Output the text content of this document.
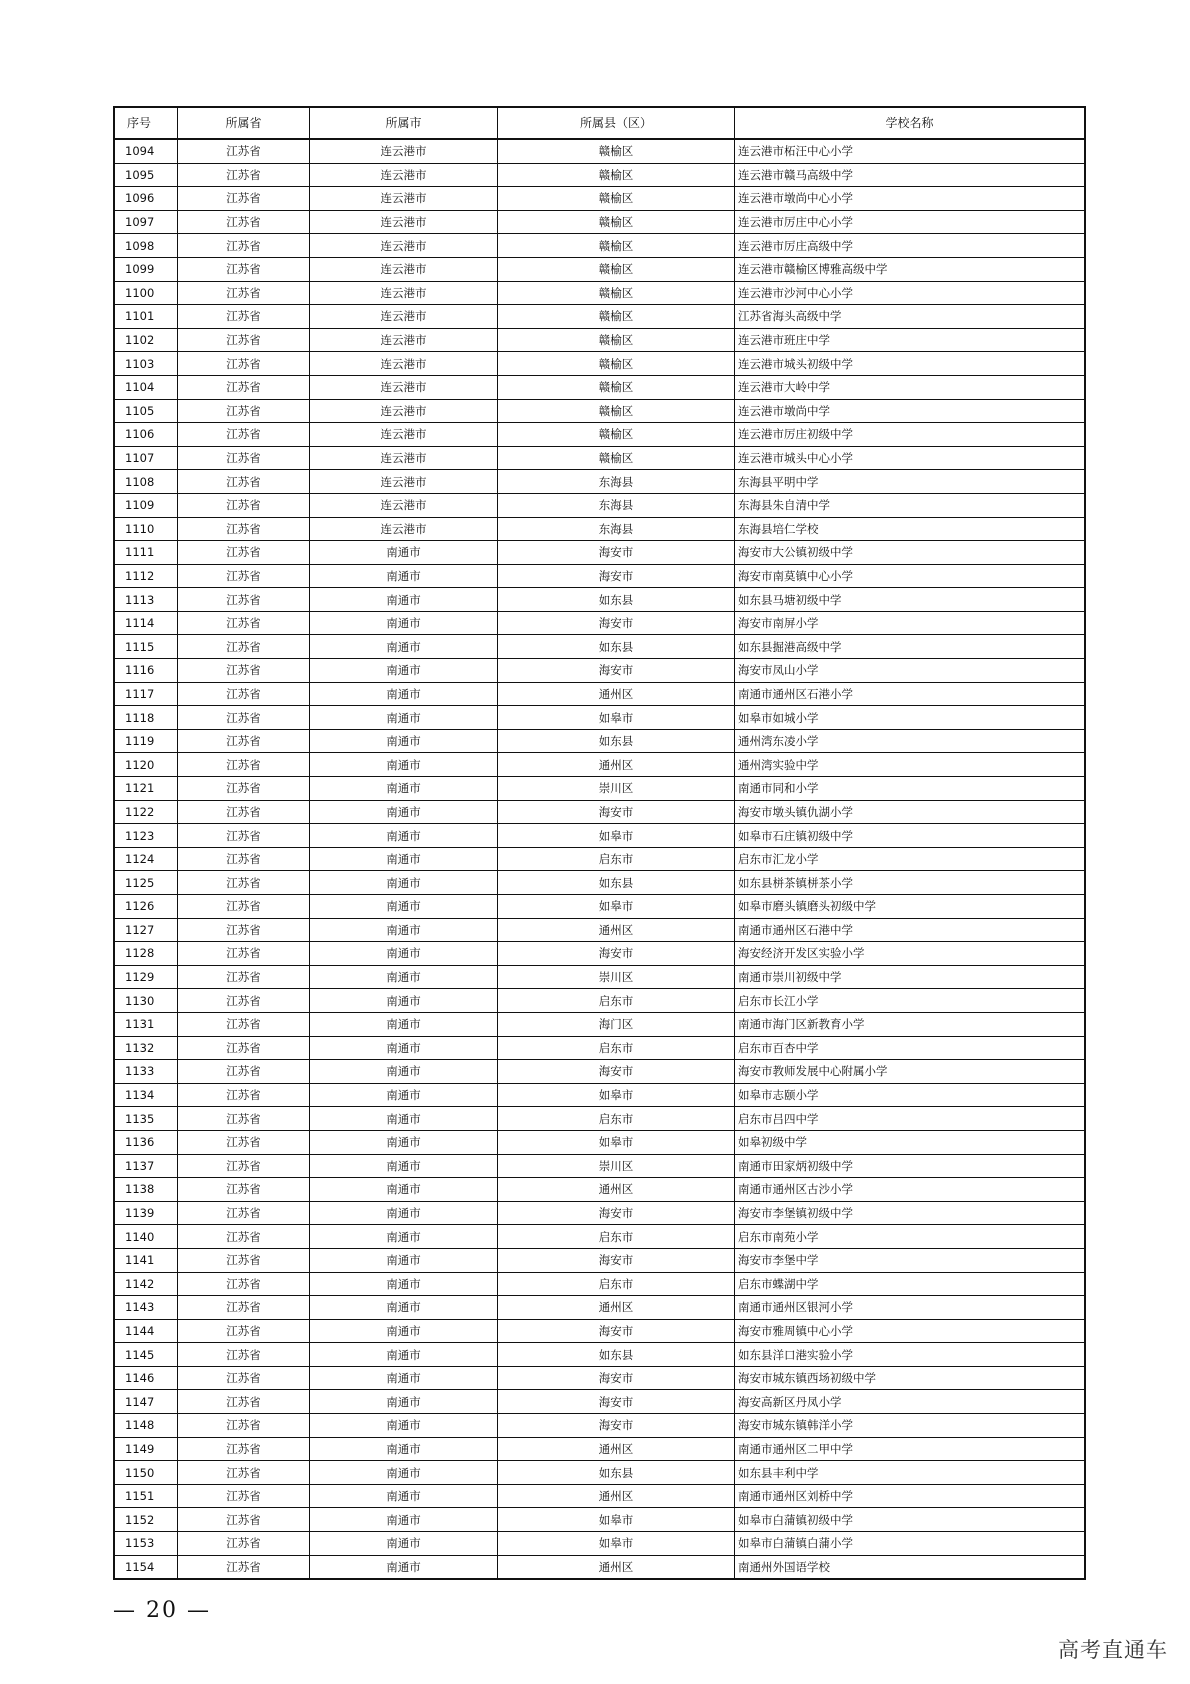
序号	所属省	所属市	所属县（区）	学校名称
1094	江苏省	连云港市	赣榆区	连云港市柘汪中心小学
1095	江苏省	连云港市	赣榆区	连云港市赣马高级中学
1096	江苏省	连云港市	赣榆区	连云港市墩尚中心小学
1097	江苏省	连云港市	赣榆区	连云港市厉庄中心小学
1098	江苏省	连云港市	赣榆区	连云港市厉庄高级中学
1099	江苏省	连云港市	赣榆区	连云港市赣榆区博雅高级中学
1100	江苏省	连云港市	赣榆区	连云港市沙河中心小学
1101	江苏省	连云港市	赣榆区	江苏省海头高级中学
1102	江苏省	连云港市	赣榆区	连云港市班庄中学
1103	江苏省	连云港市	赣榆区	连云港市城头初级中学
1104	江苏省	连云港市	赣榆区	连云港市大岭中学
1105	江苏省	连云港市	赣榆区	连云港市墩尚中学
1106	江苏省	连云港市	赣榆区	连云港市厉庄初级中学
1107	江苏省	连云港市	赣榆区	连云港市城头中心小学
1108	江苏省	连云港市	东海县	东海县平明中学
1109	江苏省	连云港市	东海县	东海县朱自清中学
1110	江苏省	连云港市	东海县	东海县培仁学校
1111	江苏省	南通市	海安市	海安市大公镇初级中学
1112	江苏省	南通市	海安市	海安市南莫镇中心小学
1113	江苏省	南通市	如东县	如东县马塘初级中学
1114	江苏省	南通市	海安市	海安市南屏小学
1115	江苏省	南通市	如东县	如东县掘港高级中学
1116	江苏省	南通市	海安市	海安市凤山小学
1117	江苏省	南通市	通州区	南通市通州区石港小学
1118	江苏省	南通市	如皋市	如皋市如城小学
1119	江苏省	南通市	如东县	通州湾东凌小学
1120	江苏省	南通市	通州区	通州湾实验中学
1121	江苏省	南通市	崇川区	南通市同和小学
1122	江苏省	南通市	海安市	海安市墩头镇仇湖小学
1123	江苏省	南通市	如皋市	如皋市石庄镇初级中学
1124	江苏省	南通市	启东市	启东市汇龙小学
1125	江苏省	南通市	如东县	如东县栟茶镇栟茶小学
1126	江苏省	南通市	如皋市	如皋市磨头镇磨头初级中学
1127	江苏省	南通市	通州区	南通市通州区石港中学
1128	江苏省	南通市	海安市	海安经济开发区实验小学
1129	江苏省	南通市	崇川区	南通市崇川初级中学
1130	江苏省	南通市	启东市	启东市长江小学
1131	江苏省	南通市	海门区	南通市海门区新教育小学
1132	江苏省	南通市	启东市	启东市百杏中学
1133	江苏省	南通市	海安市	海安市教师发展中心附属小学
1134	江苏省	南通市	如皋市	如皋市志颐小学
1135	江苏省	南通市	启东市	启东市吕四中学
1136	江苏省	南通市	如皋市	如皋初级中学
1137	江苏省	南通市	崇川区	南通市田家炳初级中学
1138	江苏省	南通市	通州区	南通市通州区古沙小学
1139	江苏省	南通市	海安市	海安市李堡镇初级中学
1140	江苏省	南通市	启东市	启东市南苑小学
1141	江苏省	南通市	海安市	海安市李堡中学
1142	江苏省	南通市	启东市	启东市蝶湖中学
1143	江苏省	南通市	通州区	南通市通州区银河小学
1144	江苏省	南通市	海安市	海安市雅周镇中心小学
1145	江苏省	南通市	如东县	如东县洋口港实验小学
1146	江苏省	南通市	海安市	海安市城东镇西场初级中学
1147	江苏省	南通市	海安市	海安高新区丹凤小学
1148	江苏省	南通市	海安市	海安市城东镇韩洋小学
1149	江苏省	南通市	通州区	南通市通州区二甲中学
1150	江苏省	南通市	如东县	如东县丰利中学
1151	江苏省	南通市	通州区	南通市通州区刘桥中学
1152	江苏省	南通市	如皋市	如皋市白蒲镇初级中学
1153	江苏省	南通市	如皋市	如皋市白蒲镇白蒲小学
1154	江苏省	南通市	通州区	南通州外国语学校
— 20 —
高考直通车
